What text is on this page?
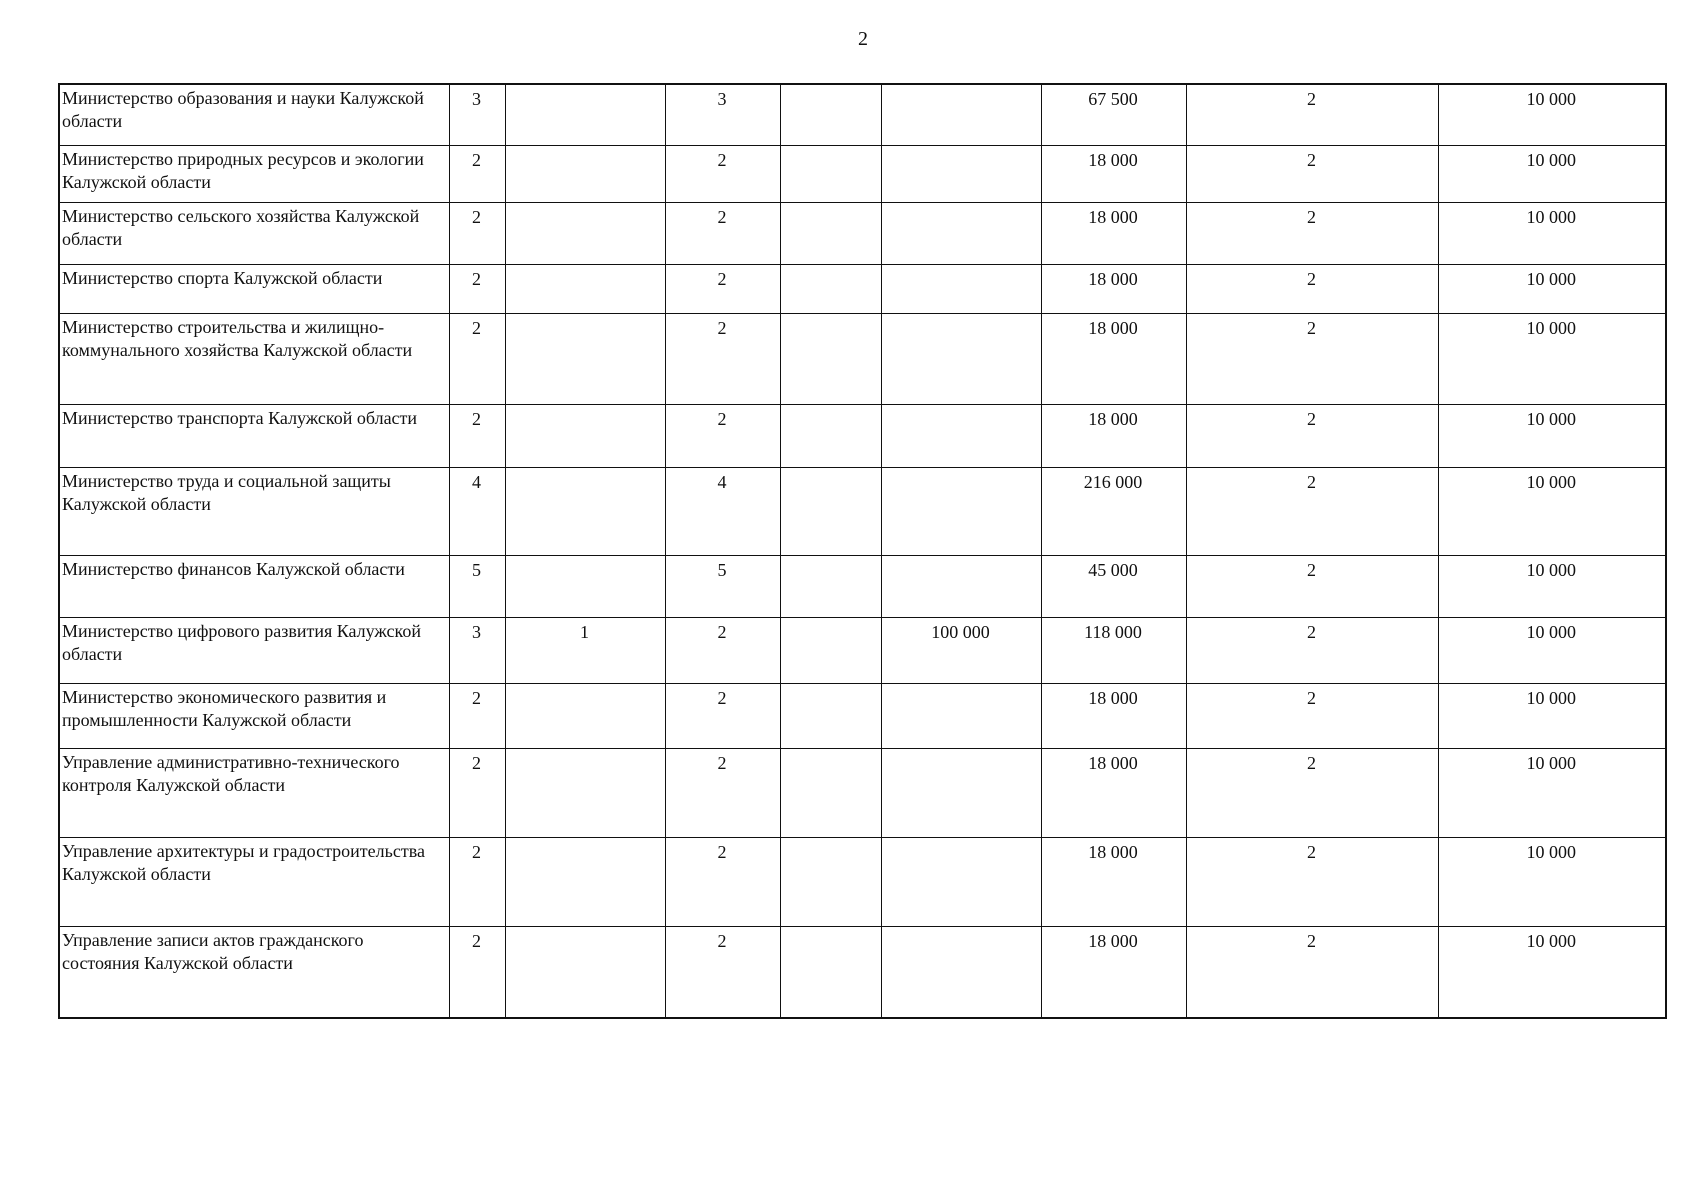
2
Министерство образования и науки Калужской области	3		3			67 500	2	10 000
Министерство природных ресурсов и экологии Калужской области	2		2			18 000	2	10 000
Министерство сельского хозяйства Калужской области	2		2			18 000	2	10 000
Министерство спорта Калужской области	2		2			18 000	2	10 000
Министерство строительства и жилищно-коммунального хозяйства Калужской области	2		2			18 000	2	10 000
Министерство транспорта Калужской области	2		2			18 000	2	10 000
Министерство труда и социальной защиты Калужской области	4		4			216 000	2	10 000
Министерство финансов Калужской области	5		5			45 000	2	10 000
Министерство цифрового развития Калужской области	3	1	2		100 000	118 000	2	10 000
Министерство экономического развития и промышленности Калужской области	2		2			18 000	2	10 000
Управление административно-технического контроля Калужской области	2		2			18 000	2	10 000
Управление архитектуры и градостроительства Калужской области	2		2			18 000	2	10 000
Управление записи актов гражданского состояния Калужской области	2		2			18 000	2	10 000
